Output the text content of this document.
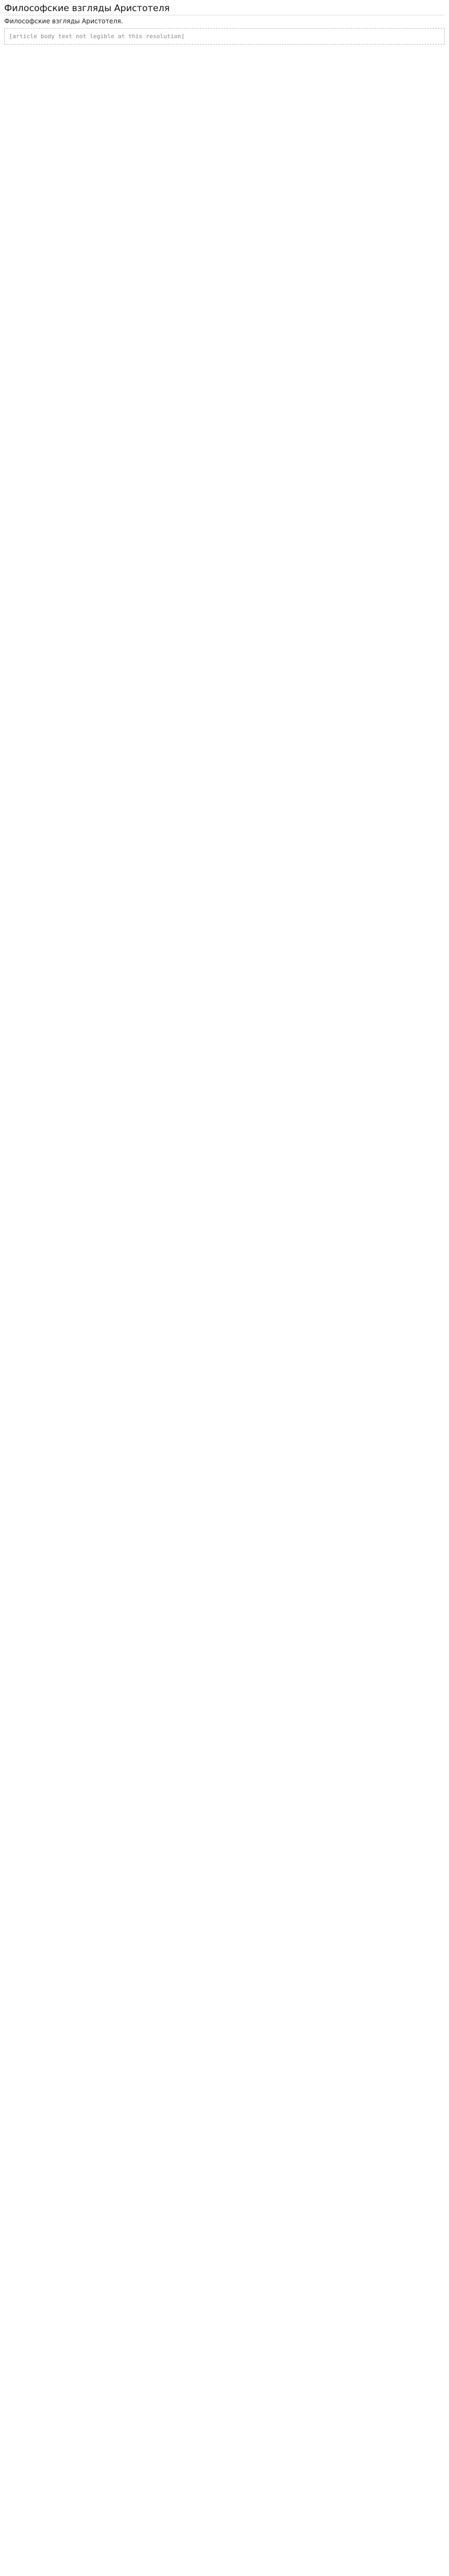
Философские взгляды Аристотеля
Философские взгляды Аристотеля.
[article body text not legible at this resolution]
